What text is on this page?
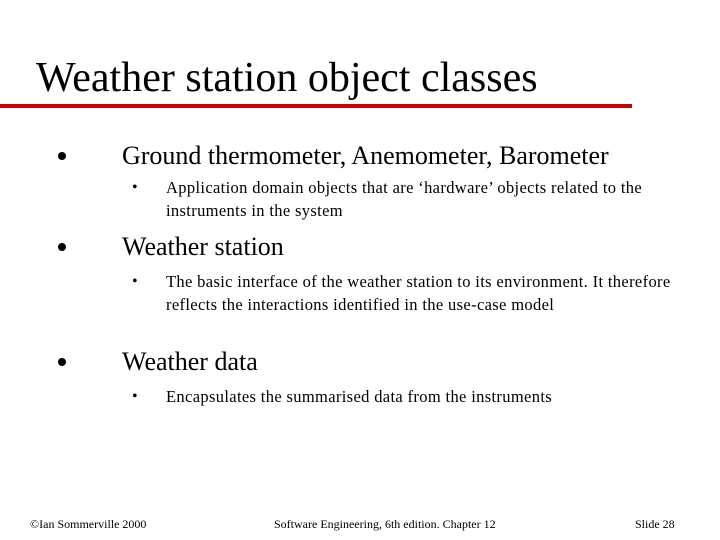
Weather station object classes
Ground thermometer, Anemometer, Barometer
• Application domain objects that are ‘hardware’ objects related to the instruments in the system
Weather station
• The basic interface of the weather station to its environment. It therefore reflects the interactions identified in the use-case model
Weather data
• Encapsulates the summarised data from the instruments
©Ian Sommerville 2000	Software Engineering, 6th edition. Chapter 12	Slide 28
